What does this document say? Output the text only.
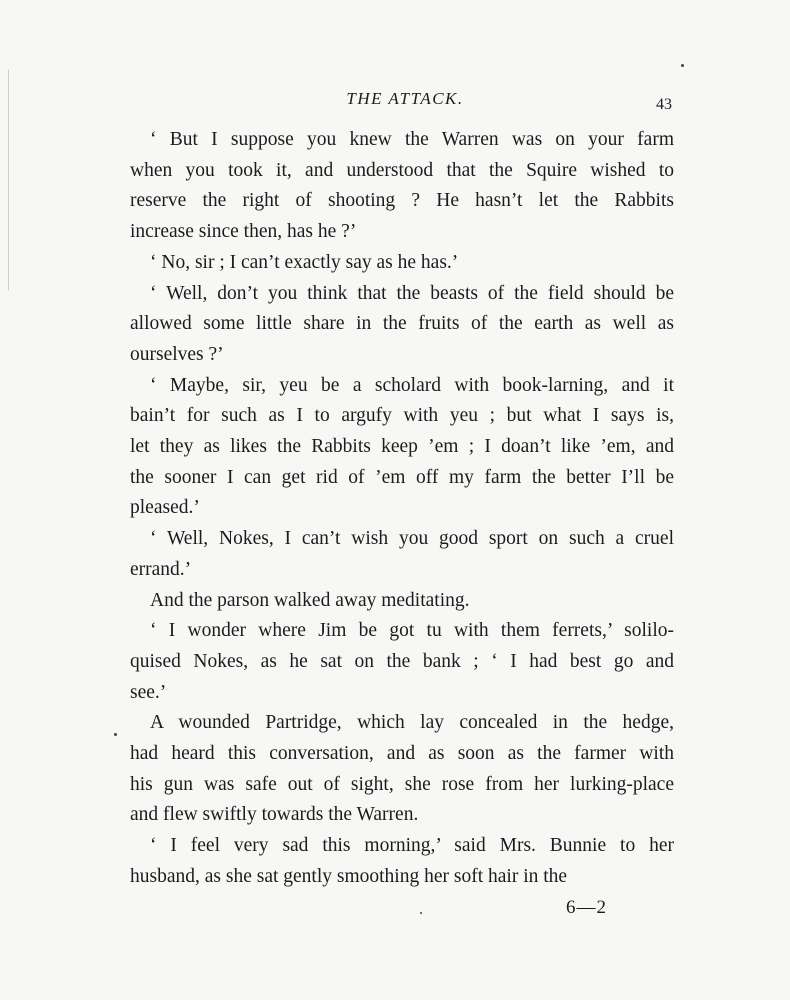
THE ATTACK.	43
‘ But I suppose you knew the Warren was on your farm
when you took it, and understood that the Squire wished to
reserve the right of shooting ? He hasn’t let the Rabbits
increase since then, has he ?’
‘ No, sir ; I can’t exactly say as he has.’
‘ Well, don’t you think that the beasts of the field should be
allowed some little share in the fruits of the earth as well as
ourselves ?’
‘ Maybe, sir, yeu be a scholard with book-larning, and it
bain’t for such as I to argufy with yeu ; but what I says is,
let they as likes the Rabbits keep ’em ; I doan’t like ’em, and
the sooner I can get rid of ’em off my farm the better I’ll be
pleased.’
‘ Well, Nokes, I can’t wish you good sport on such a cruel
errand.’
And the parson walked away meditating.
‘ I wonder where Jim be got tu with them ferrets,’ solilo-
quised Nokes, as he sat on the bank ; ‘ I had best go and
see.’
A wounded Partridge, which lay concealed in the hedge,
had heard this conversation, and as soon as the farmer with
his gun was safe out of sight, she rose from her lurking-place
and flew swiftly towards the Warren.
‘ I feel very sad this morning,’ said Mrs. Bunnie to her
husband, as she sat gently smoothing her soft hair in the
6—2
